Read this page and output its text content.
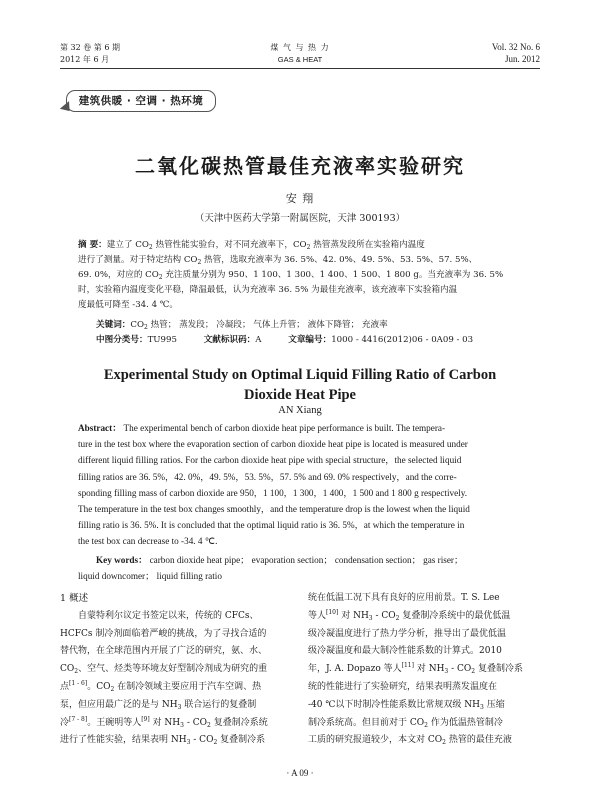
第 32 卷 第 6 期
2012 年 6 月
煤 气 与 热 力
GAS & HEAT
Vol. 32 No. 6
Jun. 2012
建筑供暖 · 空调 · 热环境
二氧化碳热管最佳充液率实验研究
安 翔
（天津中医药大学第一附属医院，天津 300193）
摘 要：建立了 $CO_2$ 热管性能实验台，对不同充液率下，$CO_2$ 热管蒸发段所在实验箱内温度
进行了测量。对于特定结构 $CO_2$ 热管，选取充液率为 36. 5%、42. 0%、49. 5%、53. 5%、57. 5%、
69. 0%，对应的 $CO_2$ 充注质量分别为 950、1 100、1 300、1 400、1 500、1 800 g。当充液率为 36. 5%
时，实验箱内温度变化平稳，降温最低，认为充液率 36. 5% 为最佳充液率，该充液率下实验箱内温
度最低可降至 -34. 4 ℃。
关键词：$CO_2$ 热管； 蒸发段； 冷凝段； 气体上升管； 液体下降管； 充液率
中图分类号：TU995	文献标识码：A	文章编号：1000 - 4416(2012)06 - 0A09 - 03
Experimental Study on Optimal Liquid Filling Ratio of Carbon
Dioxide Heat Pipe
AN Xiang
Abstract： The experimental bench of carbon dioxide heat pipe performance is built. The tempera-
ture in the test box where the evaporation section of carbon dioxide heat pipe is located is measured under
different liquid filling ratios. For the carbon dioxide heat pipe with special structure，the selected liquid
filling ratios are 36. 5%，42. 0%，49. 5%，53. 5%，57. 5% and 69. 0% respectively，and the corre-
sponding filling mass of carbon dioxide are 950，1 100，1 300，1 400，1 500 and 1 800 g respectively.
The temperature in the test box changes smoothly，and the temperature drop is the lowest when the liquid
filling ratio is 36. 5%. It is concluded that the optimal liquid ratio is 36. 5%，at which the temperature in
the test box can decrease to -34. 4 ℃.
Key words： carbon dioxide heat pipe； evaporation section； condensation section； gas riser；
liquid downcomer； liquid filling ratio

1 概述

自蒙特利尔议定书签定以来，传统的 CFCs、

HCFCs 制冷剂面临着严峻的挑战，为了寻找合适的

替代物，在全球范围内开展了广泛的研究，氨、水、

$CO_2$、空气、烃类等环境友好型制冷剂成为研究的重

点[1 - 6]。$CO_2$ 在制冷领域主要应用于汽车空调、热

泵，但应用最广泛的是与 $NH_3$ 联合运行的复叠制

冷[7 - 8]。王碗明等人[9] 对 $NH_3 - CO_2$ 复叠制冷系统

进行了性能实验，结果表明 $NH_3 - CO_2$ 复叠制冷系

统在低温工况下具有良好的应用前景。T. S. Lee

等人[10] 对 $NH_3 - CO_2$ 复叠制冷系统中的最优低温

级冷凝温度进行了热力学分析，推导出了最优低温

级冷凝温度和最大制冷性能系数的计算式。2010

年，J. A. Dopazo 等人[11] 对 $NH_3 - CO_2$ 复叠制冷系

统的性能进行了实验研究，结果表明蒸发温度在

-40 ℃以下时制冷性能系数比常规双级 $NH_3$ 压缩

制冷系统高。但目前对于 $CO_2$ 作为低温热管制冷

工质的研究报道较少，本文对 $CO_2$ 热管的最佳充液

· A 09 ·
